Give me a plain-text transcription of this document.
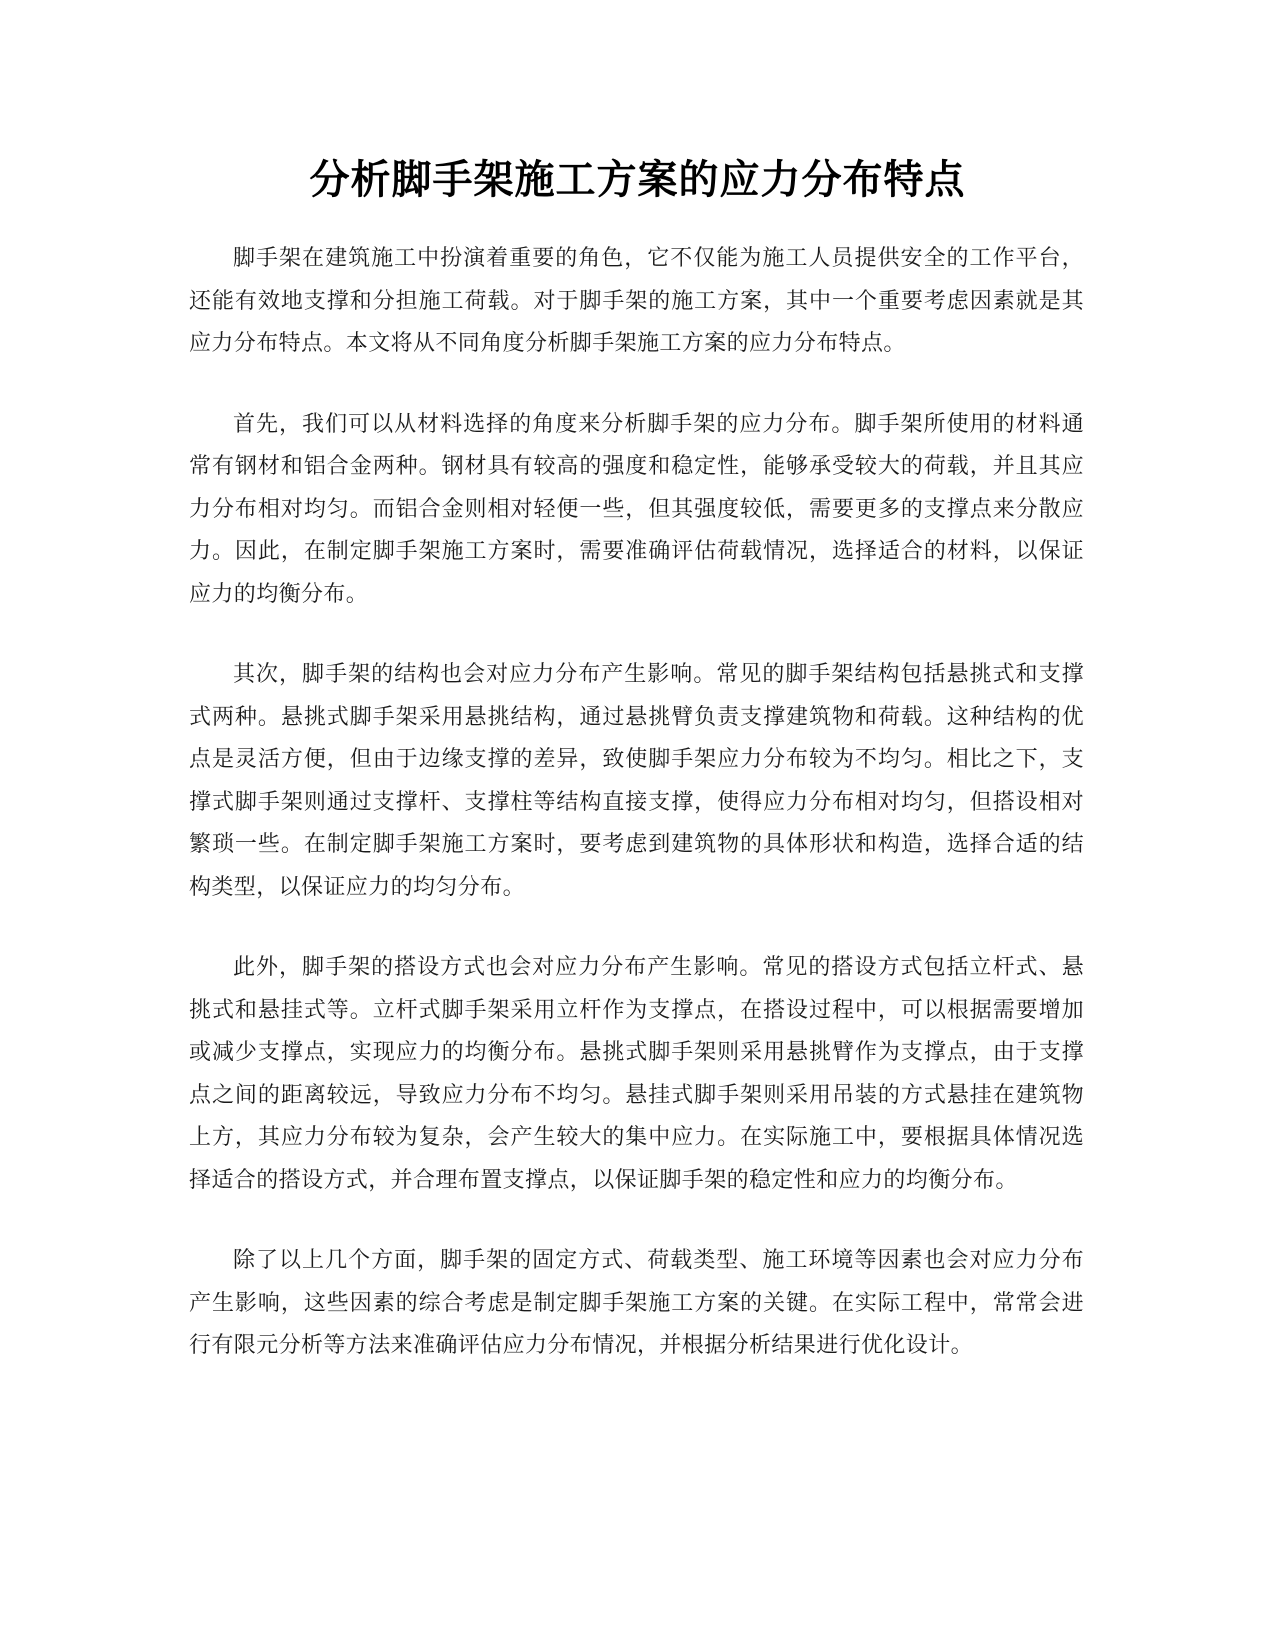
分析脚手架施工方案的应力分布特点

脚手架在建筑施工中扮演着重要的角色，它不仅能为施工人员提供安全的工作平台，还能有效地支撑和分担施工荷载。对于脚手架的施工方案，其中一个重要考虑因素就是其应力分布特点。本文将从不同角度分析脚手架施工方案的应力分布特点。

首先，我们可以从材料选择的角度来分析脚手架的应力分布。脚手架所使用的材料通常有钢材和铝合金两种。钢材具有较高的强度和稳定性，能够承受较大的荷载，并且其应力分布相对均匀。而铝合金则相对轻便一些，但其强度较低，需要更多的支撑点来分散应力。因此，在制定脚手架施工方案时，需要准确评估荷载情况，选择适合的材料，以保证应力的均衡分布。

其次，脚手架的结构也会对应力分布产生影响。常见的脚手架结构包括悬挑式和支撑式两种。悬挑式脚手架采用悬挑结构，通过悬挑臂负责支撑建筑物和荷载。这种结构的优点是灵活方便，但由于边缘支撑的差异，致使脚手架应力分布较为不均匀。相比之下，支撑式脚手架则通过支撑杆、支撑柱等结构直接支撑，使得应力分布相对均匀，但搭设相对繁琐一些。在制定脚手架施工方案时，要考虑到建筑物的具体形状和构造，选择合适的结构类型，以保证应力的均匀分布。

此外，脚手架的搭设方式也会对应力分布产生影响。常见的搭设方式包括立杆式、悬挑式和悬挂式等。立杆式脚手架采用立杆作为支撑点，在搭设过程中，可以根据需要增加或减少支撑点，实现应力的均衡分布。悬挑式脚手架则采用悬挑臂作为支撑点，由于支撑点之间的距离较远，导致应力分布不均匀。悬挂式脚手架则采用吊装的方式悬挂在建筑物上方，其应力分布较为复杂，会产生较大的集中应力。在实际施工中，要根据具体情况选择适合的搭设方式，并合理布置支撑点，以保证脚手架的稳定性和应力的均衡分布。

除了以上几个方面，脚手架的固定方式、荷载类型、施工环境等因素也会对应力分布产生影响，这些因素的综合考虑是制定脚手架施工方案的关键。在实际工程中，常常会进行有限元分析等方法来准确评估应力分布情况，并根据分析结果进行优化设计。
